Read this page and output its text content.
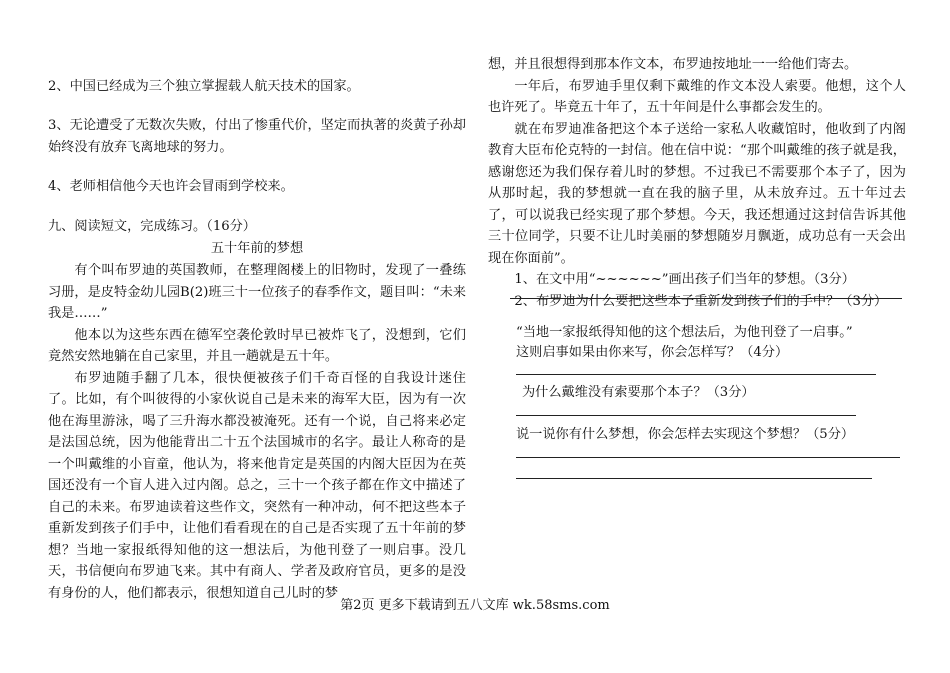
2、中国已经成为三个独立掌握载人航天技术的国家。

3、无论遭受了无数次失败，付出了惨重代价，坚定而执著的炎黄子孙却始终没有放弃飞离地球的努力。

4、老师相信他今天也许会冒雨到学校来。

九、阅读短文，完成练习。（16分）

五十年前的梦想

有个叫布罗迪的英国教师，在整理阁楼上的旧物时，发现了一叠练习册，是皮特金幼儿园B(2)班三十一位孩子的春季作文，题目叫：“未来我是……”

他本以为这些东西在德军空袭伦敦时早已被炸飞了，没想到，它们竟然安然地躺在自己家里，并且一趟就是五十年。

布罗迪随手翻了几本，很快便被孩子们千奇百怪的自我设计迷住了。比如，有个叫彼得的小家伙说自己是未来的海军大臣，因为有一次他在海里游泳，喝了三升海水都没被淹死。还有一个说，自己将来必定是法国总统，因为他能背出二十五个法国城市的名字。最让人称奇的是一个叫戴维的小盲童，他认为，将来他肯定是英国的内阁大臣因为在英国还没有一个盲人进入过内阁。总之，三十一个孩子都在作文中描述了自己的未来。布罗迪读着这些作文，突然有一种冲动，何不把这些本子重新发到孩子们手中，让他们看看现在的自己是否实现了五十年前的梦想？当地一家报纸得知他的这一想法后，为他刊登了一则启事。没几天，书信便向布罗迪飞来。其中有商人、学者及政府官员，更多的是没有身份的人，他们都表示，很想知道自己儿时的梦

想，并且很想得到那本作文本，布罗迪按地址一一给他们寄去。

一年后，布罗迪手里仅剩下戴维的作文本没人索要。他想，这个人也许死了。毕竟五十年了，五十年间是什么事都会发生的。

就在布罗迪准备把这个本子送给一家私人收藏馆时，他收到了内阁教育大臣布伦克特的一封信。他在信中说：“那个叫戴维的孩子就是我，感谢您还为我们保存着儿时的梦想。不过我已不需要那个本子了，因为从那时起，我的梦想就一直在我的脑子里，从未放弃过。五十年过去了，可以说我已经实现了那个梦想。今天，我还想通过这封信告诉其他三十位同学，只要不让儿时美丽的梦想随岁月飘逝，成功总有一天会出现在你面前”。

1、在文中用“~~~~~~”画出孩子们当年的梦想。（3分）

2、布罗迪为什么要把这些本子重新发到孩子们的手中？（3分）

“当地一家报纸得知他的这个想法后，为他刊登了一启事。”

这则启事如果由你来写，你会怎样写？（4分）

为什么戴维没有索要那个本子？（3分）

说一说你有什么梦想，你会怎样去实现这个梦想？（5分）

第2页 更多下载请到五八文库 wk.58sms.com
